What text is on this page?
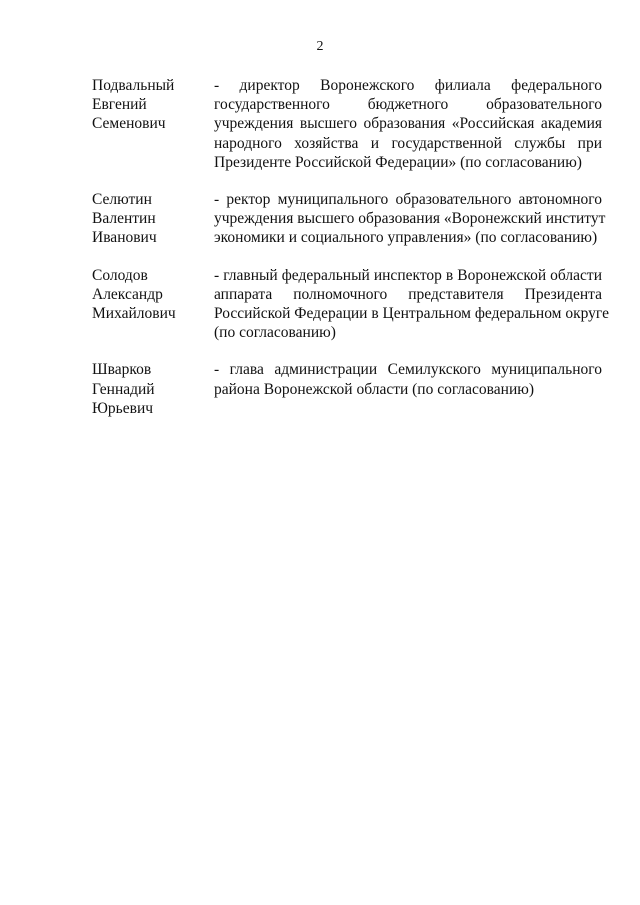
2
Подвальный
Евгений
Семенович
- директор Воронежского филиала федерального
государственного бюджетного образовательного
учреждения высшего образования «Российская академия
народного хозяйства и государственной службы при
Президенте Российской Федерации» (по согласованию)
Селютин
Валентин
Иванович
- ректор муниципального образовательного автономного
учреждения высшего образования «Воронежский институт
экономики и социального управления» (по согласованию)
Солодов
Александр
Михайлович
- главный федеральный инспектор в Воронежской области
аппарата полномочного представителя Президента
Российской Федерации в Центральном федеральном округе
(по согласованию)
Шварков
Геннадий
Юрьевич
- глава администрации Семилукского муниципального
района Воронежской области (по согласованию)
